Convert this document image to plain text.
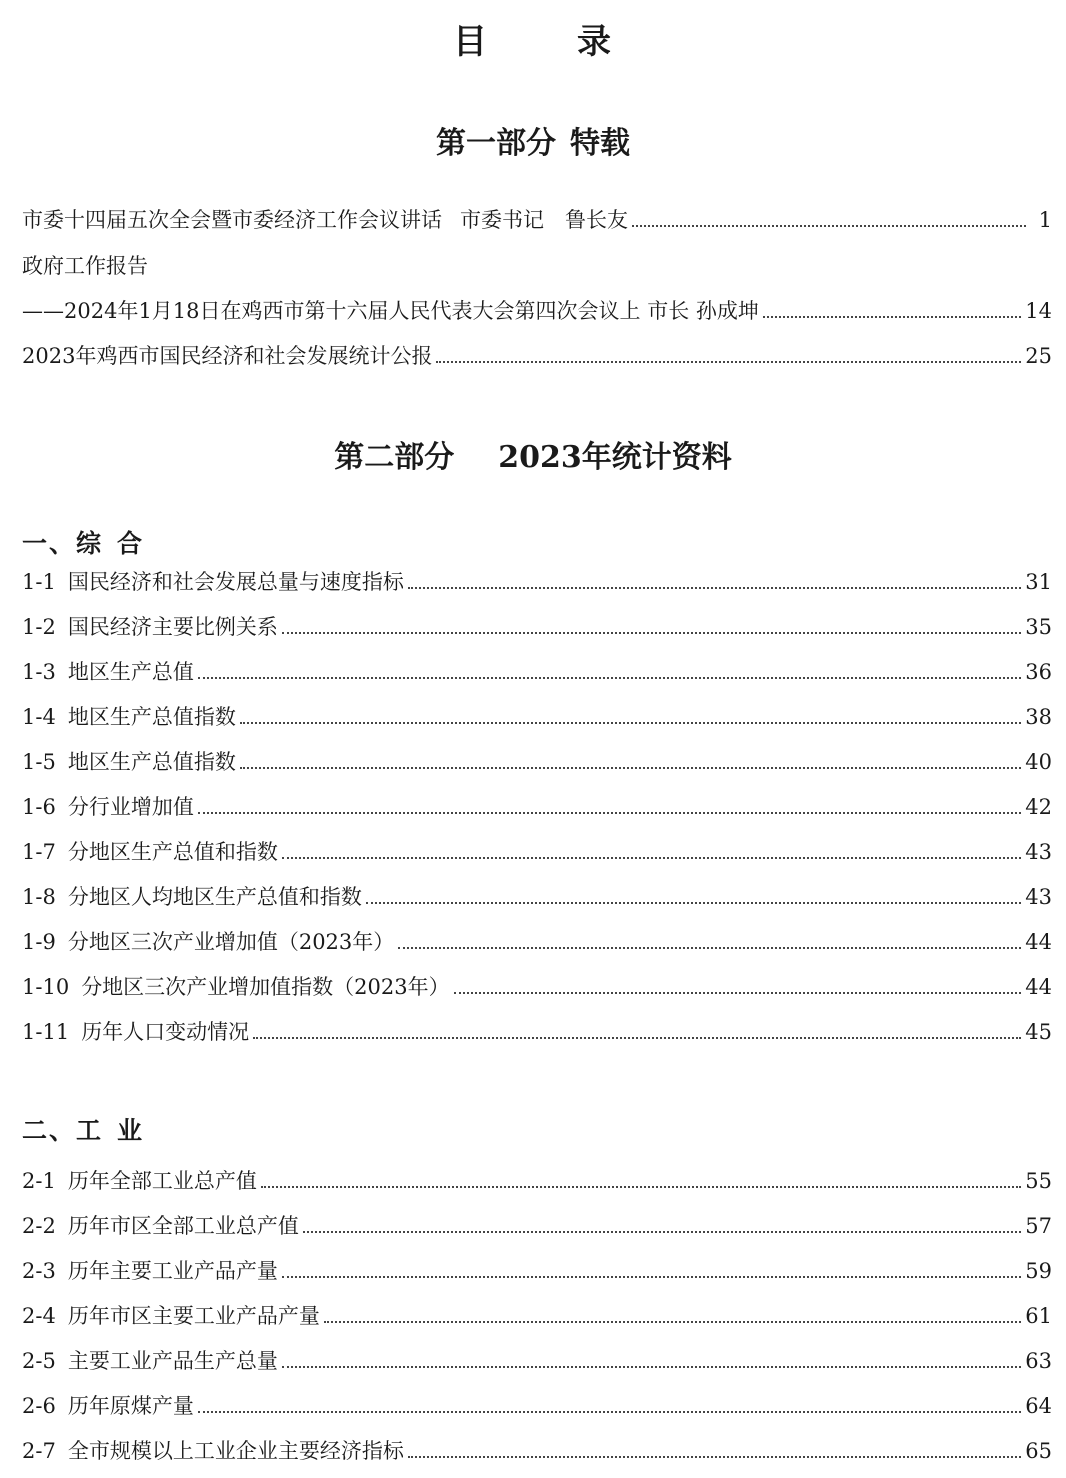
目	录
第一部分 特载
市委十四届五次全会暨市委经济工作会议讲话 市委书记　鲁长友	1
政府工作报告
——2024年1月18日在鸡西市第十六届人民代表大会第四次会议上 市长 孙成坤	14
2023年鸡西市国民经济和社会发展统计公报	25
第二部分 2023年统计资料
一、综 合
1-1 国民经济和社会发展总量与速度指标	31
1-2 国民经济主要比例关系	35
1-3 地区生产总值	36
1-4 地区生产总值指数	38
1-5 地区生产总值指数	40
1-6 分行业增加值	42
1-7 分地区生产总值和指数	43
1-8 分地区人均地区生产总值和指数	43
1-9 分地区三次产业增加值（2023年）	44
1-10 分地区三次产业增加值指数（2023年）	44
1-11 历年人口变动情况	45
二、工 业
2-1 历年全部工业总产值	55
2-2 历年市区全部工业总产值	57
2-3 历年主要工业产品产量	59
2-4 历年市区主要工业产品产量	61
2-5 主要工业产品生产总量	63
2-6 历年原煤产量	64
2-7 全市规模以上工业企业主要经济指标	65
